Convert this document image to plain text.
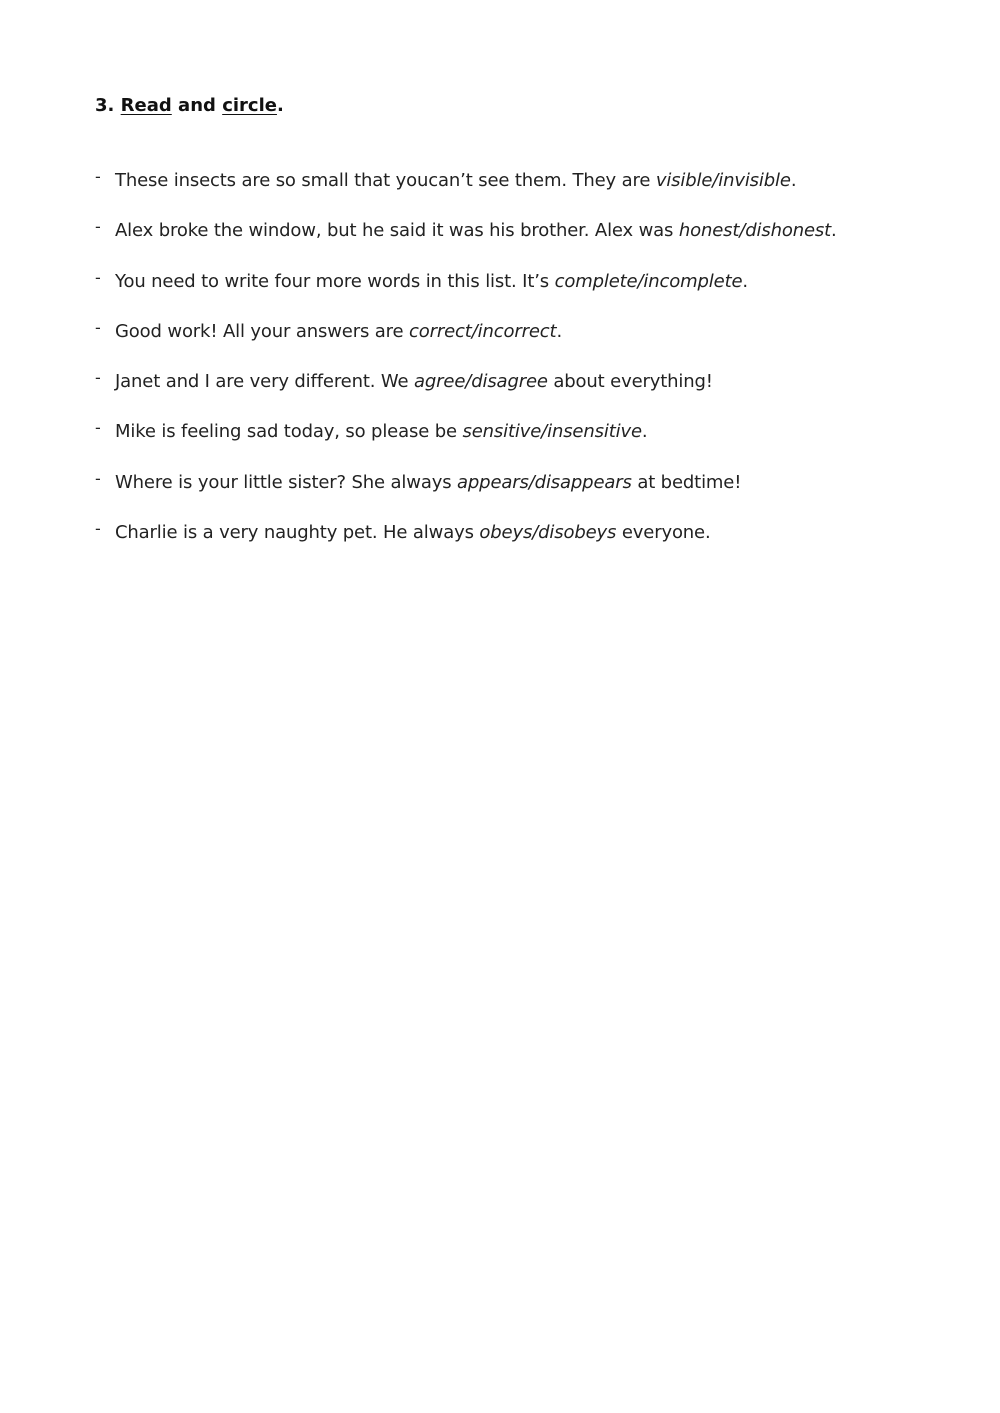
3. Read and circle.
- These insects are so small that youcan’t see them. They are visible/invisible.
- Alex broke the window, but he said it was his brother. Alex was honest/dishonest.
- You need to write four more words in this list. It’s complete/incomplete.
- Good work! All your answers are correct/incorrect.
- Janet and I are very different. We agree/disagree about everything!
- Mike is feeling sad today, so please be sensitive/insensitive.
- Where is your little sister? She always appears/disappears at bedtime!
- Charlie is a very naughty pet. He always obeys/disobeys everyone.
